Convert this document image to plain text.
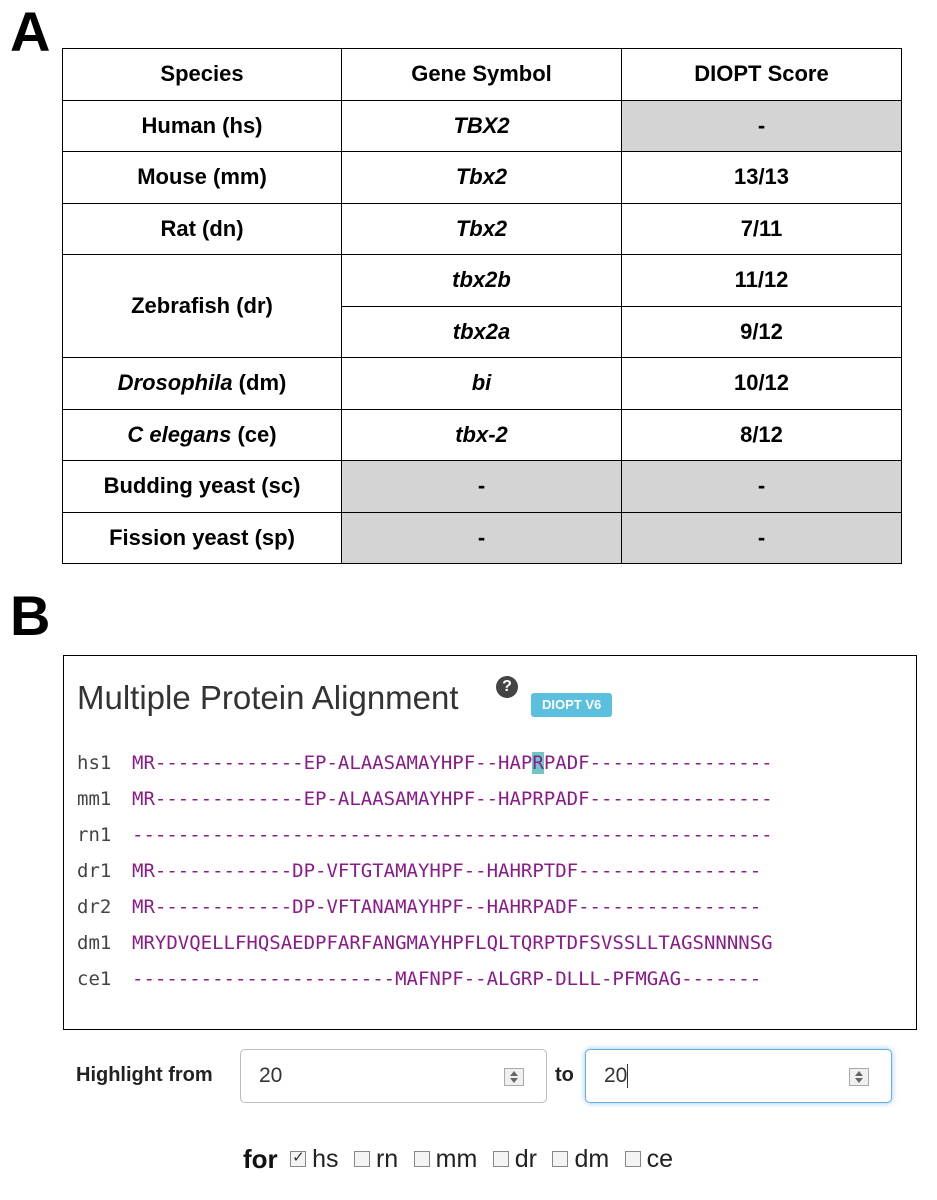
A
Species	Gene Symbol	DIOPT Score
Human (hs)	TBX2	-
Mouse (mm)	Tbx2	13/13
Rat (dn)	Tbx2	7/11
Zebrafish (dr)	tbx2b	11/12
	tbx2a	9/12
Drosophila (dm)	bi	10/12
C elegans (ce)	tbx-2	8/12
Budding yeast (sc)	-	-
Fission yeast (sp)	-	-
B
Multiple Protein Alignment	?
DIOPT V6
hs1 MR-------------EP-ALAASAMAYHPF--HAPRPADF----------------
mm1 MR-------------EP-ALAASAMAYHPF--HAPRPADF----------------
rn1 --------------------------------------------------------
dr1 MR------------DP-VFTGTAMAYHPF--HAHRPTDF----------------
dr2 MR------------DP-VFTANAMAYHPF--HAHRPADF----------------
dm1 MRYDVQELLFHQSAEDPFARFANGMAYHPFLQLTQRPTDFSVSSLLTAGSNNNNSG
ce1 -----------------------MAFNPF--ALGRP-DLLL-PFMGAG-------
Highlight from	20	to	20
for ✓ hs rn mm dr dm ce
